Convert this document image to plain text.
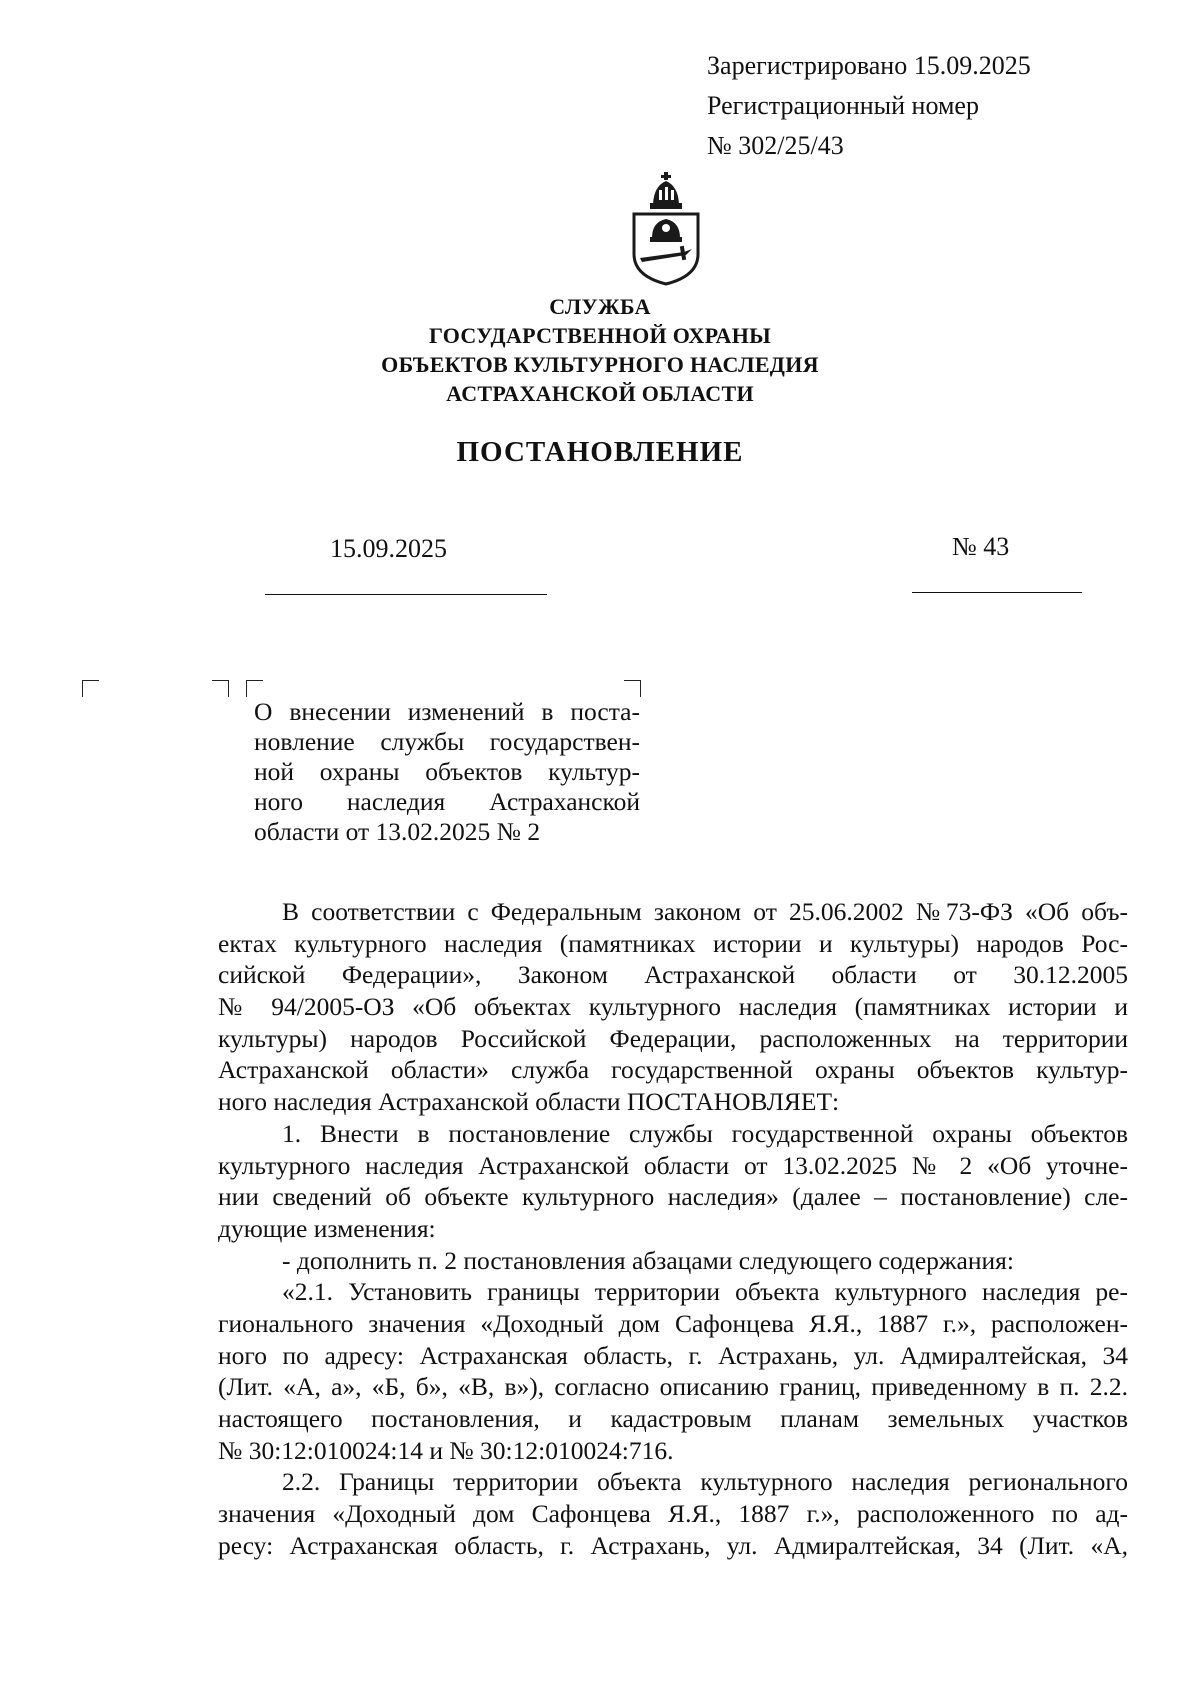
Зарегистрировано 15.09.2025
Регистрационный номер
№ 302/25/43
СЛУЖБА
ГОСУДАРСТВЕННОЙ ОХРАНЫ
ОБЪЕКТОВ КУЛЬТУРНОГО НАСЛЕДИЯ
АСТРАХАНСКОЙ ОБЛАСТИ
ПОСТАНОВЛЕНИЕ
15.09.2025	№ 43
О внесении изменений в поста-
новление службы государствен-
ной охраны объектов культур-
ного наследия Астраханской
области от 13.02.2025 № 2
В соответствии с Федеральным законом от 25.06.2002 №73-ФЗ «Об объ-
ектах культурного наследия (памятниках истории и культуры) народов Рос-
сийской Федерации», Законом Астраханской области от 30.12.2005
№ 94/2005-ОЗ «Об объектах культурного наследия (памятниках истории и
культуры) народов Российской Федерации, расположенных на территории
Астраханской области» служба государственной охраны объектов культур-
ного наследия Астраханской области ПОСТАНОВЛЯЕТ:
1. Внести в постановление службы государственной охраны объектов
культурного наследия Астраханской области от 13.02.2025 № 2 «Об уточне-
нии сведений об объекте культурного наследия» (далее – постановление) сле-
дующие изменения:
- дополнить п. 2 постановления абзацами следующего содержания:
«2.1. Установить границы территории объекта культурного наследия ре-
гионального значения «Доходный дом Сафонцева Я.Я., 1887 г.», расположен-
ного по адресу: Астраханская область, г. Астрахань, ул. Адмиралтейская, 34
(Лит. «А, а», «Б, б», «В, в»), согласно описанию границ, приведенному в п. 2.2.
настоящего постановления, и кадастровым планам земельных участков
№ 30:12:010024:14 и № 30:12:010024:716.
2.2. Границы территории объекта культурного наследия регионального
значения «Доходный дом Сафонцева Я.Я., 1887 г.», расположенного по ад-
ресу: Астраханская область, г. Астрахань, ул. Адмиралтейская, 34 (Лит. «А,
